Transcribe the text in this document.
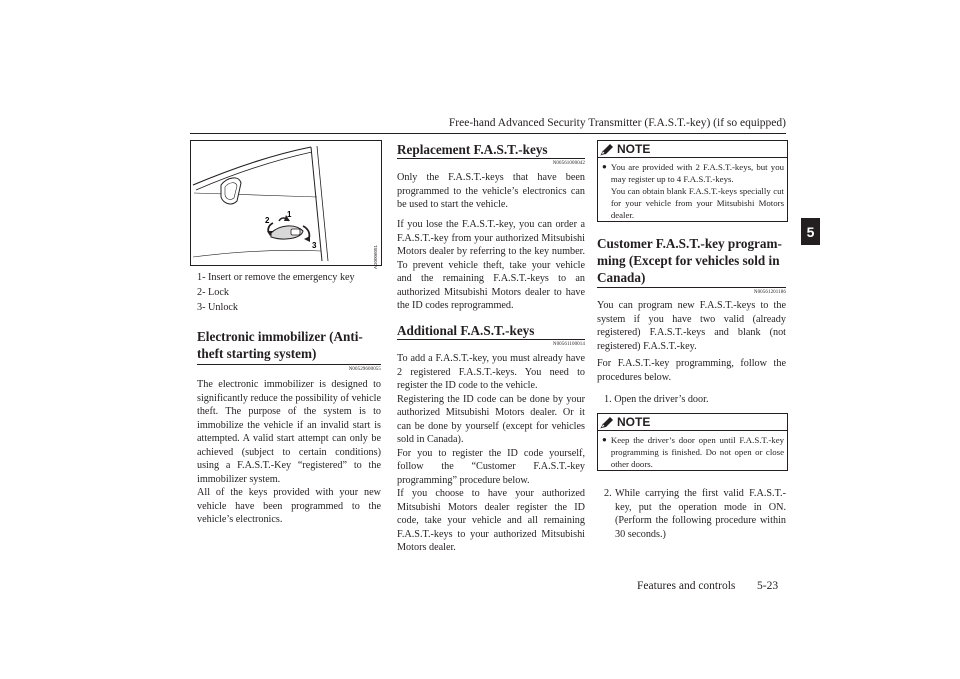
Free-hand Advanced Security Transmitter (F.A.S.T.-key) (if so equipped)
5
1
2
3	AG0006051
1- Insert or remove the emergency key
2- Lock
3- Unlock
Electronic immobilizer (Anti-
theft starting system)
N00529600055
The electronic immobilizer is designed to significantly reduce the possibility of vehicle theft. The purpose of the system is to immobilize the vehicle if an invalid start is attempted. A valid start attempt can only be achieved (subject to certain conditions) using a F.A.S.T.-Key “registered” to the immobilizer system.
All of the keys provided with your new vehicle have been programmed to the vehicle’s electronics.
Replacement F.A.S.T.-keys
N00561000042
Only the F.A.S.T.-keys that have been programmed to the vehicle’s electronics can be used to start the vehicle.
If you lose the F.A.S.T.-key, you can order a F.A.S.T.-key from your authorized Mitsubishi Motors dealer by referring to the key number. To prevent vehicle theft, take your vehicle and the remaining F.A.S.T.-keys to an authorized Mitsubishi Motors dealer to have the ID codes reprogrammed.
Additional F.A.S.T.-keys
N00561100014
To add a F.A.S.T.-key, you must already have 2 registered F.A.S.T.-keys. You need to register the ID code to the vehicle.
Registering the ID code can be done by your authorized Mitsubishi Motors dealer. Or it can be done by yourself (except for vehicles sold in Canada).
For you to register the ID code yourself, follow the “Customer F.A.S.T.-key programming” procedure below.
If you choose to have your authorized Mitsubishi Motors dealer register the ID code, take your vehicle and all remaining F.A.S.T.-keys to your authorized Mitsubishi Motors dealer.
NOTE
● You are provided with 2 F.A.S.T.-keys, but you may register up to 4 F.A.S.T.-keys.
You can obtain blank F.A.S.T.-keys specially cut for your vehicle from your Mitsubishi Motors dealer.
Customer F.A.S.T.-key program-
ming (Except for vehicles sold in
Canada)
N00561201186
You can program new F.A.S.T.-keys to the system if you have two valid (already registered) F.A.S.T.-keys and blank (not registered) F.A.S.T.-key.
For F.A.S.T.-key programming, follow the procedures below.
1. Open the driver’s door.
NOTE
● Keep the driver’s door open until F.A.S.T.-key programming is finished. Do not open or close other doors.
2. While carrying the first valid F.A.S.T.-key, put the operation mode in ON. (Perform the following procedure within 30 seconds.)
Features and controls 5-23
